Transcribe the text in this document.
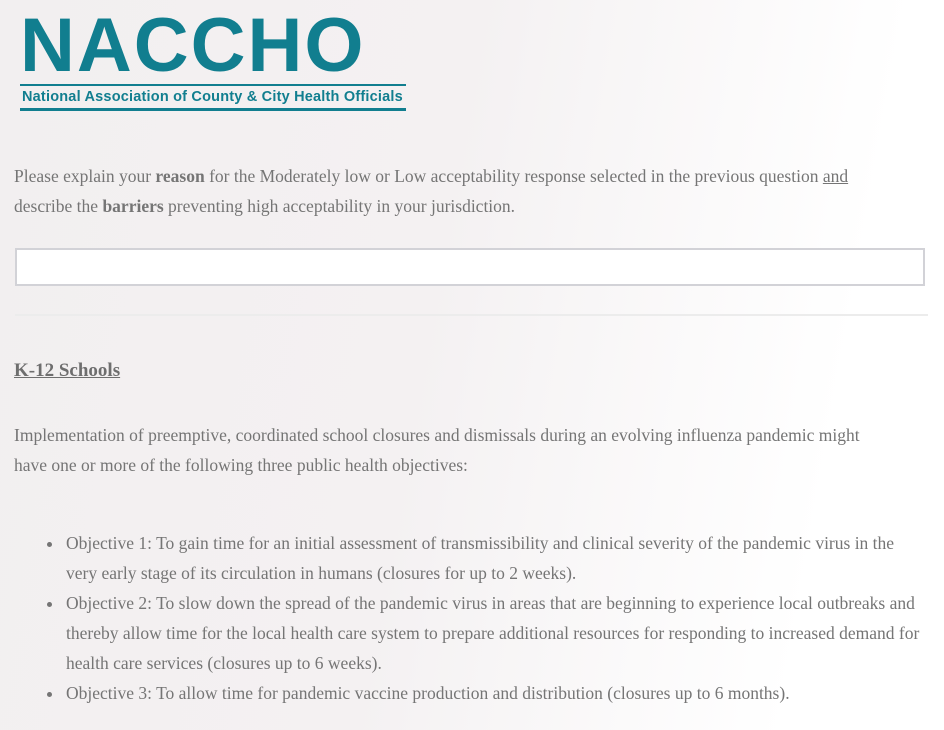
NACCHO
National Association of County & City Health Officials

Please explain your reason for the Moderately low or Low acceptability response selected in the previous question and describe the barriers preventing high acceptability in your jurisdiction.

K-12 Schools

Implementation of preemptive, coordinated school closures and dismissals during an evolving influenza pandemic might have one or more of the following three public health objectives:

• Objective 1: To gain time for an initial assessment of transmissibility and clinical severity of the pandemic virus in the very early stage of its circulation in humans (closures for up to 2 weeks).
• Objective 2: To slow down the spread of the pandemic virus in areas that are beginning to experience local outbreaks and thereby allow time for the local health care system to prepare additional resources for responding to increased demand for health care services (closures up to 6 weeks).
• Objective 3: To allow time for pandemic vaccine production and distribution (closures up to 6 months).
